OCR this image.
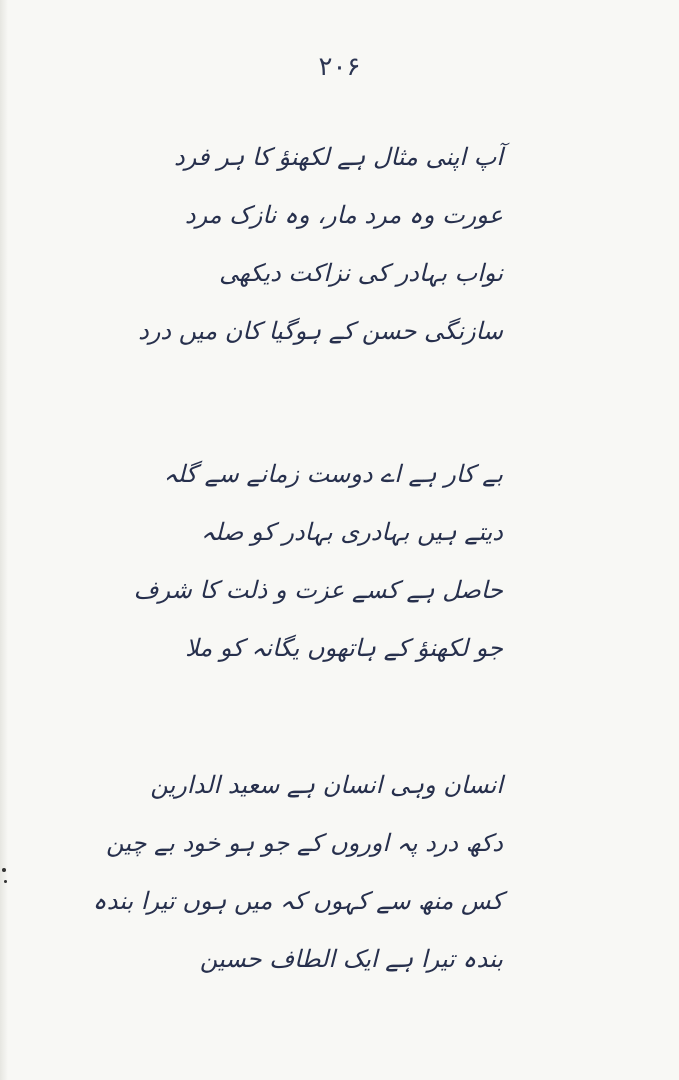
۲۰۶
آپ اپنی مثال ہے لکھنؤ کا ہر فرد
عورت وہ مرد مار، وہ نازک مرد
نواب بہادر کی نزاکت دیکھی
سازنگی حسن کے ہوگیا کان میں درد
بے کار ہے اے دوست زمانے سے گلہ
دیتے ہیں بہادری بہادر کو صلہ
حاصل ہے کسے عزت و ذلت کا شرف
جو لکھنؤ کے ہاتھوں یگانہ کو ملا
انسان وہی انسان ہے سعید الدارین
دکھ درد پہ اوروں کے جو ہو خود بے چین
کس منھ سے کہوں کہ میں ہوں تیرا بندہ
بندہ تیرا ہے ایک الطاف حسین
